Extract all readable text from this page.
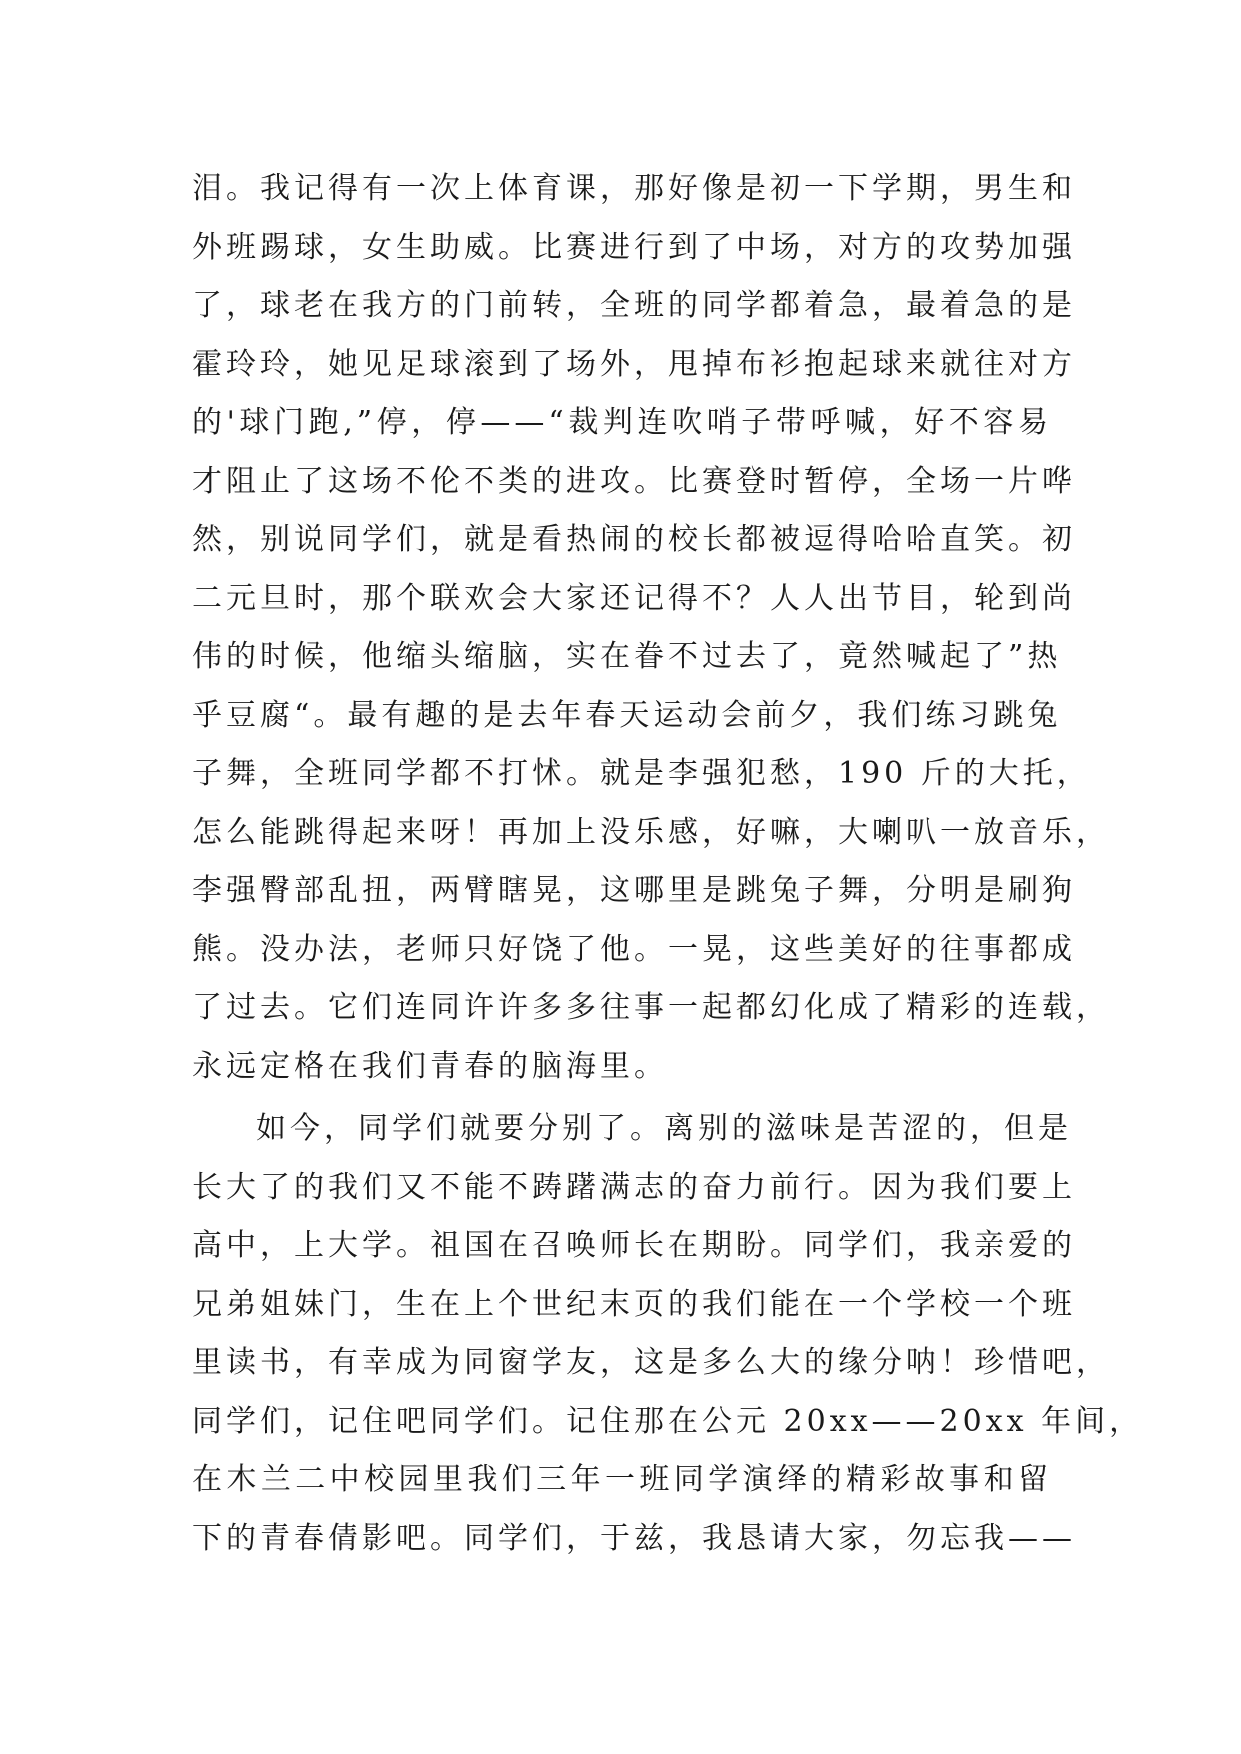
泪。我记得有一次上体育课，那好像是初一下学期，男生和
外班踢球，女生助威。比赛进行到了中场，对方的攻势加强
了，球老在我方的门前转，全班的同学都着急，最着急的是
霍玲玲，她见足球滚到了场外，甩掉布衫抱起球来就往对方
的'球门跑,”停，停——“裁判连吹哨子带呼喊，好不容易
才阻止了这场不伦不类的进攻。比赛登时暂停，全场一片哗
然，别说同学们，就是看热闹的校长都被逗得哈哈直笑。初
二元旦时，那个联欢会大家还记得不？人人出节目，轮到尚
伟的时候，他缩头缩脑，实在眷不过去了，竟然喊起了”热
乎豆腐“。最有趣的是去年春天运动会前夕，我们练习跳兔
子舞，全班同学都不打怵。就是李强犯愁，190 斤的大托，
怎么能跳得起来呀！再加上没乐感，好嘛，大喇叭一放音乐，
李强臀部乱扭，两臂瞎晃，这哪里是跳兔子舞，分明是刷狗
熊。没办法，老师只好饶了他。一晃，这些美好的往事都成
了过去。它们连同许许多多往事一起都幻化成了精彩的连载，
永远定格在我们青春的脑海里。
如今，同学们就要分别了。离别的滋味是苦涩的，但是
长大了的我们又不能不踌躇满志的奋力前行。因为我们要上
高中，上大学。祖国在召唤师长在期盼。同学们，我亲爱的
兄弟姐妹门，生在上个世纪末页的我们能在一个学校一个班
里读书，有幸成为同窗学友，这是多么大的缘分呐！珍惜吧，
同学们，记住吧同学们。记住那在公元 20xx——20xx 年间，
在木兰二中校园里我们三年一班同学演绎的精彩故事和留
下的青春倩影吧。同学们，于兹，我恳请大家，勿忘我——
